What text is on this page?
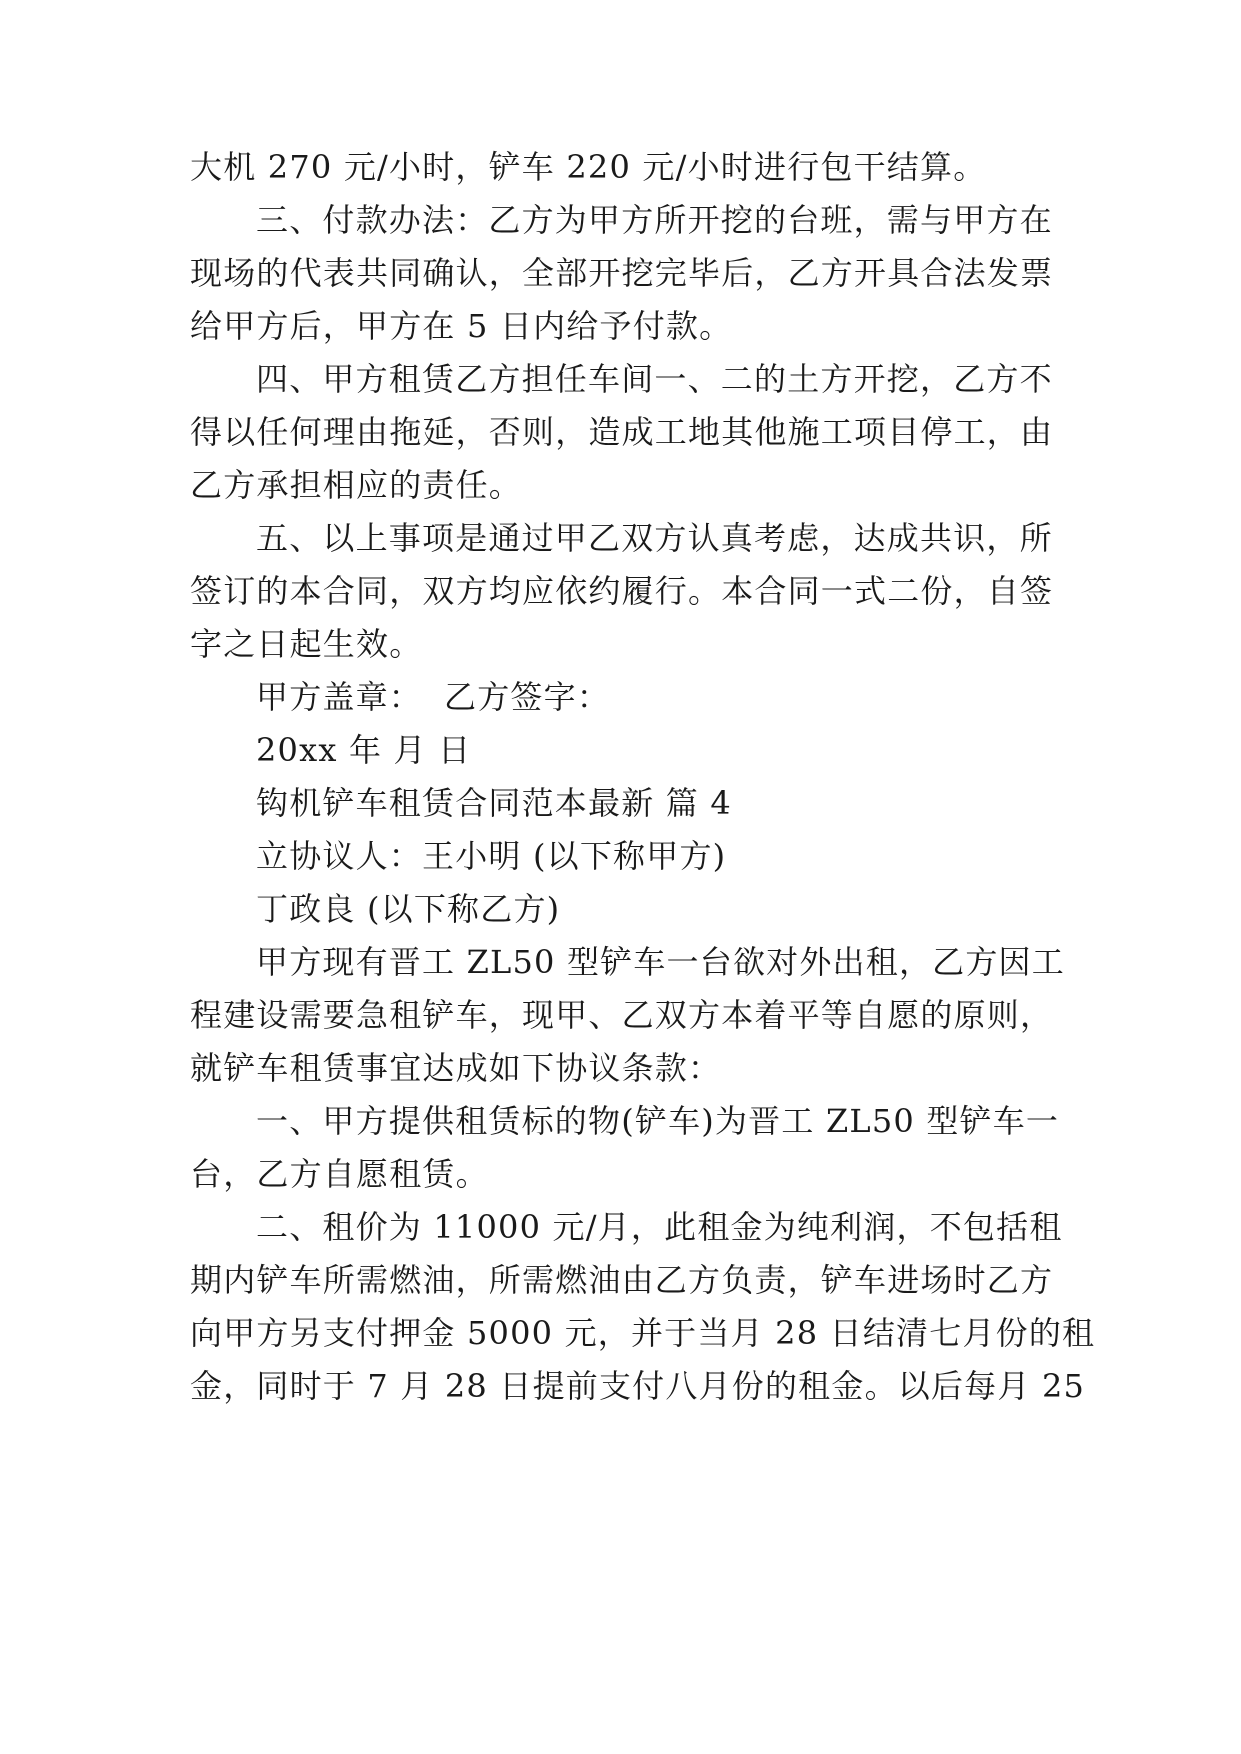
大机 270 元/小时，铲车 220 元/小时进行包干结算。
三、付款办法：乙方为甲方所开挖的台班，需与甲方在
现场的代表共同确认，全部开挖完毕后，乙方开具合法发票
给甲方后，甲方在 5 日内给予付款。
四、甲方租赁乙方担任车间一、二的土方开挖，乙方不
得以任何理由拖延，否则，造成工地其他施工项目停工，由
乙方承担相应的责任。
五、以上事项是通过甲乙双方认真考虑，达成共识，所
签订的本合同，双方均应依约履行。本合同一式二份，自签
字之日起生效。
甲方盖章： 乙方签字：
20xx 年 月 日
钩机铲车租赁合同范本最新 篇 4
立协议人：王小明 (以下称甲方)
丁政良 (以下称乙方)
甲方现有晋工 ZL50 型铲车一台欲对外出租，乙方因工
程建设需要急租铲车，现甲、乙双方本着平等自愿的原则，
就铲车租赁事宜达成如下协议条款：
一、甲方提供租赁标的物(铲车)为晋工 ZL50 型铲车一
台，乙方自愿租赁。
二、租价为 11000 元/月，此租金为纯利润，不包括租
期内铲车所需燃油，所需燃油由乙方负责，铲车进场时乙方
向甲方另支付押金 5000 元，并于当月 28 日结清七月份的租
金，同时于 7 月 28 日提前支付八月份的租金。以后每月 25
